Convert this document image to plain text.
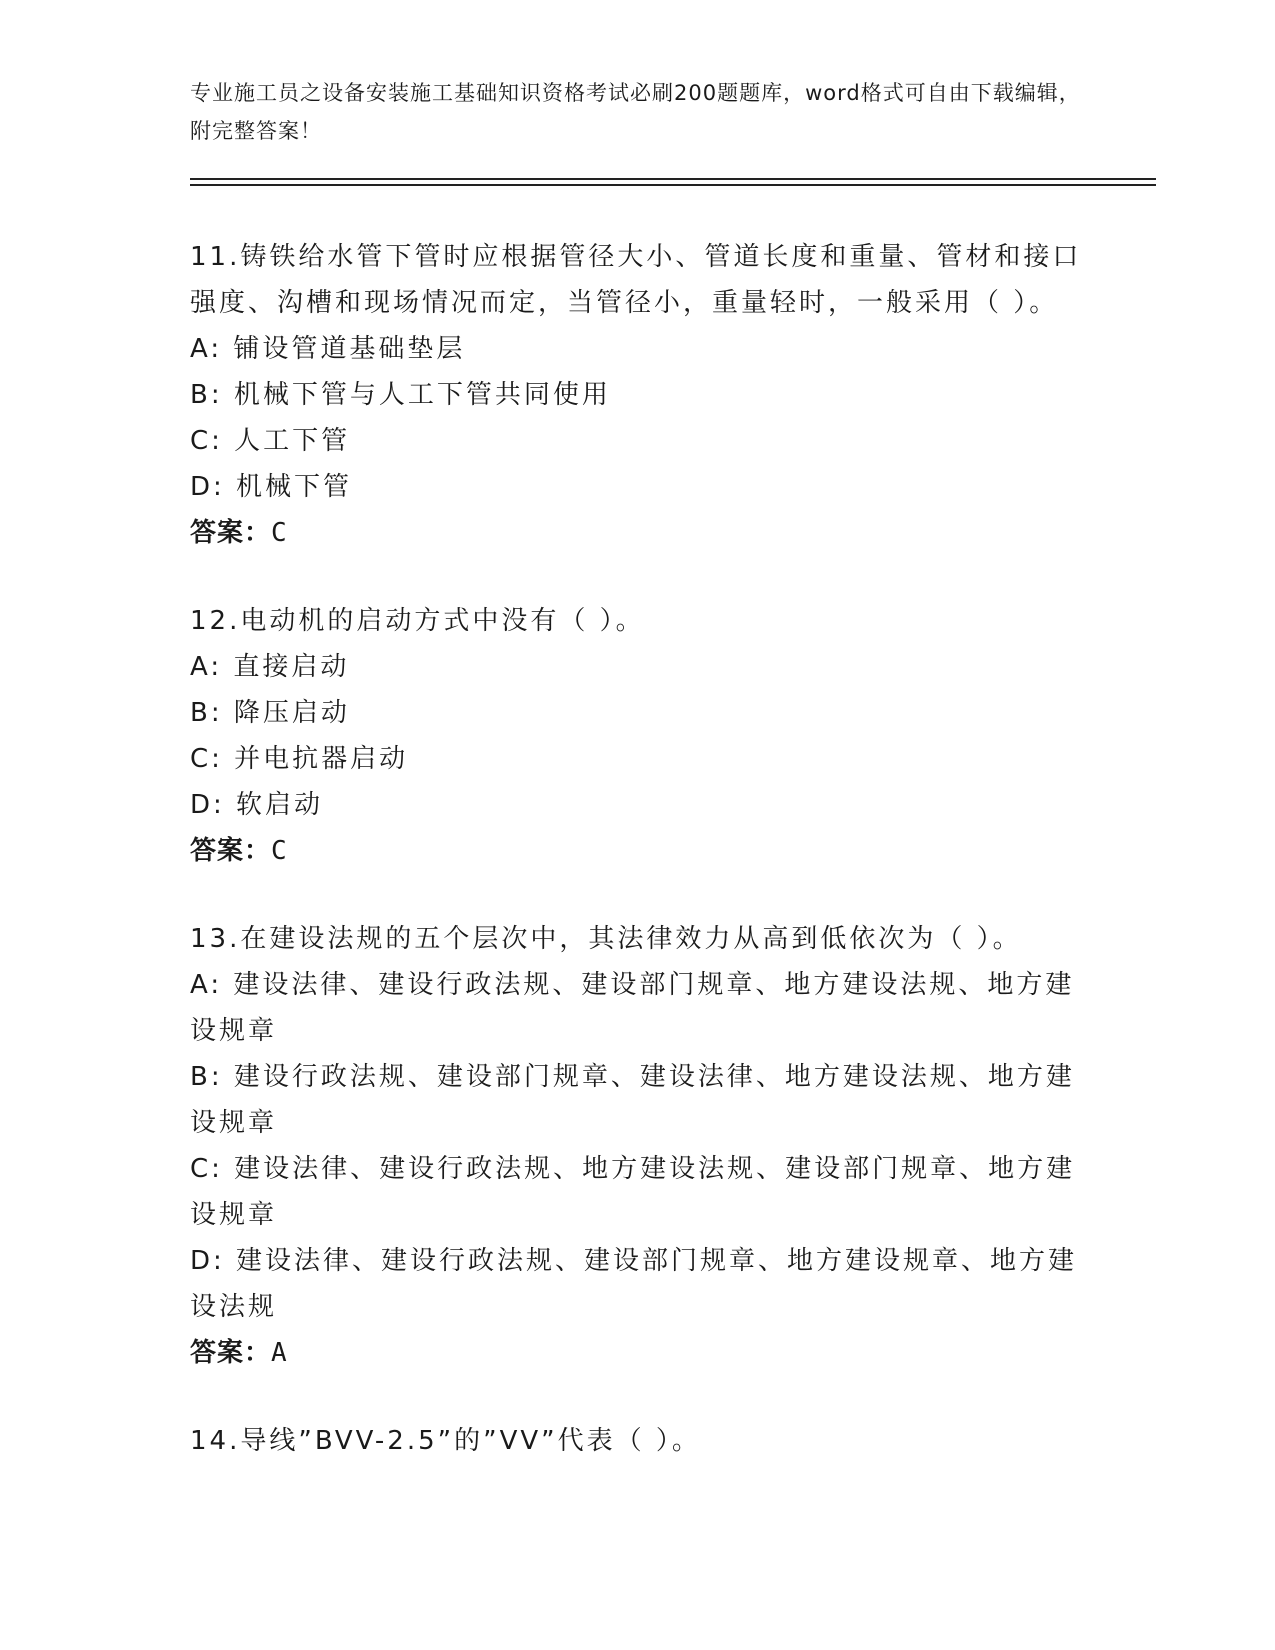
专业施工员之设备安装施工基础知识资格考试必刷200题题库，word格式可自由下载编辑，附完整答案！

11.铸铁给水管下管时应根据管径大小、管道长度和重量、管材和接口强度、沟槽和现场情况而定，当管径小，重量轻时，一般采用（ ）。

A: 铺设管道基础垫层

B: 机械下管与人工下管共同使用

C: 人工下管

D: 机械下管

答案：C

12.电动机的启动方式中没有（ ）。

A: 直接启动

B: 降压启动

C: 并电抗器启动

D: 软启动

答案：C

13.在建设法规的五个层次中，其法律效力从高到低依次为（ ）。

A: 建设法律、建设行政法规、建设部门规章、地方建设法规、地方建设规章

B: 建设行政法规、建设部门规章、建设法律、地方建设法规、地方建设规章

C: 建设法律、建设行政法规、地方建设法规、建设部门规章、地方建设规章

D: 建设法律、建设行政法规、建设部门规章、地方建设规章、地方建设法规

答案：A

14.导线”BVV-2.5”的”VV”代表（ ）。
